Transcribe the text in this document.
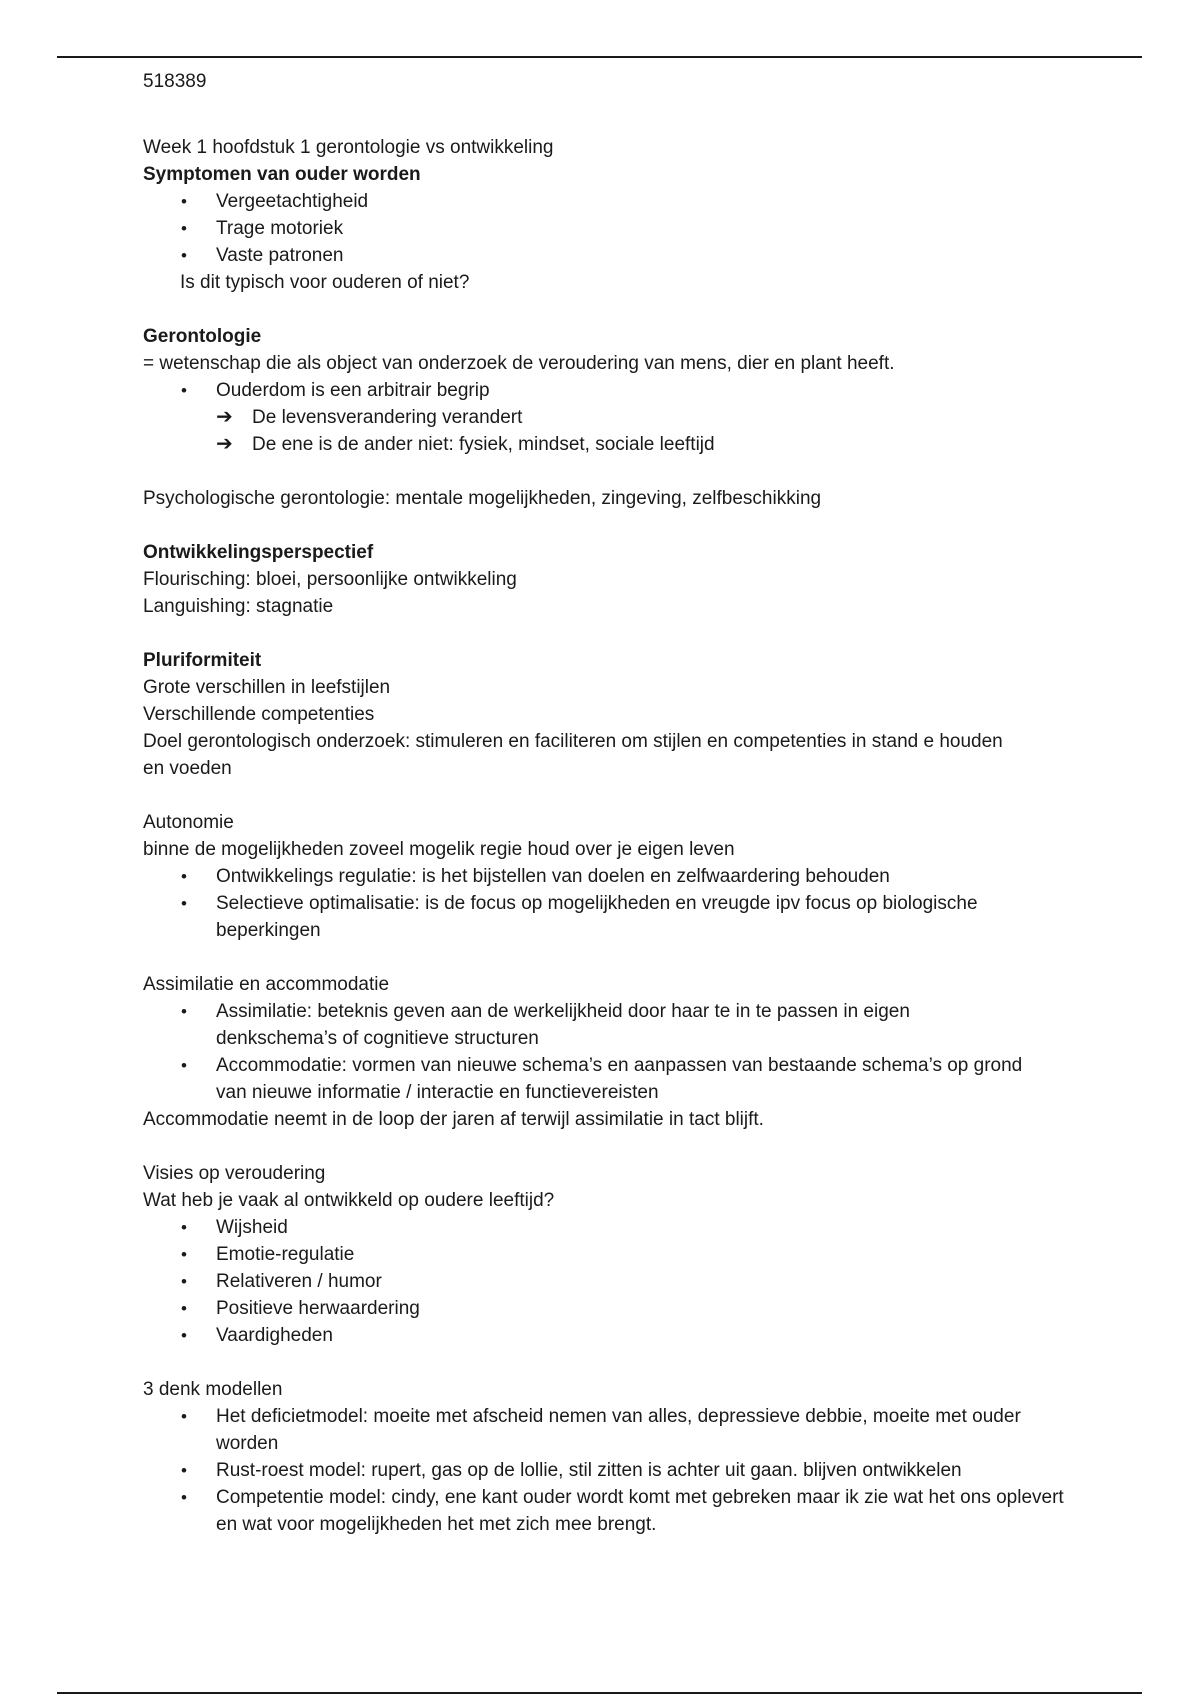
518389

Week 1 hoofdstuk 1 gerontologie vs ontwikkeling

Symptomen van ouder worden

• Vergeetachtigheid
• Trage motoriek
• Vaste patronen

Is dit typisch voor ouderen of niet?

Gerontologie

= wetenschap die als object van onderzoek de veroudering van mens, dier en plant heeft.

• Ouderdom is een arbitrair begrip
➔ De levensverandering verandert
➔ De ene is de ander niet: fysiek, mindset, sociale leeftijd

Psychologische gerontologie: mentale mogelijkheden, zingeving, zelfbeschikking

Ontwikkelingsperspectief

Flourisching: bloei, persoonlijke ontwikkeling

Languishing: stagnatie

Pluriformiteit

Grote verschillen in leefstijlen

Verschillende competenties

Doel gerontologisch onderzoek: stimuleren en faciliteren om stijlen en competenties in stand e houden en voeden

Autonomie

binne de mogelijkheden zoveel mogelik regie houd over je eigen leven

• Ontwikkelings regulatie: is het bijstellen van doelen en zelfwaardering behouden
• Selectieve optimalisatie: is de focus op mogelijkheden en vreugde ipv focus op biologische beperkingen

Assimilatie en accommodatie

• Assimilatie: beteknis geven aan de werkelijkheid door haar te in te passen in eigen denkschema’s of cognitieve structuren
• Accommodatie: vormen van nieuwe schema’s en aanpassen van bestaande schema’s op grond van nieuwe informatie / interactie en functievereisten

Accommodatie neemt in de loop der jaren af terwijl assimilatie in tact blijft.

Visies op veroudering

Wat heb je vaak al ontwikkeld op oudere leeftijd?

• Wijsheid
• Emotie-regulatie
• Relativeren / humor
• Positieve herwaardering
• Vaardigheden

3 denk modellen

• Het deficietmodel: moeite met afscheid nemen van alles, depressieve debbie, moeite met ouder worden
• Rust-roest model: rupert, gas op de lollie, stil zitten is achter uit gaan. blijven ontwikkelen
• Competentie model: cindy, ene kant ouder wordt komt met gebreken maar ik zie wat het ons oplevert en wat voor mogelijkheden het met zich mee brengt.
